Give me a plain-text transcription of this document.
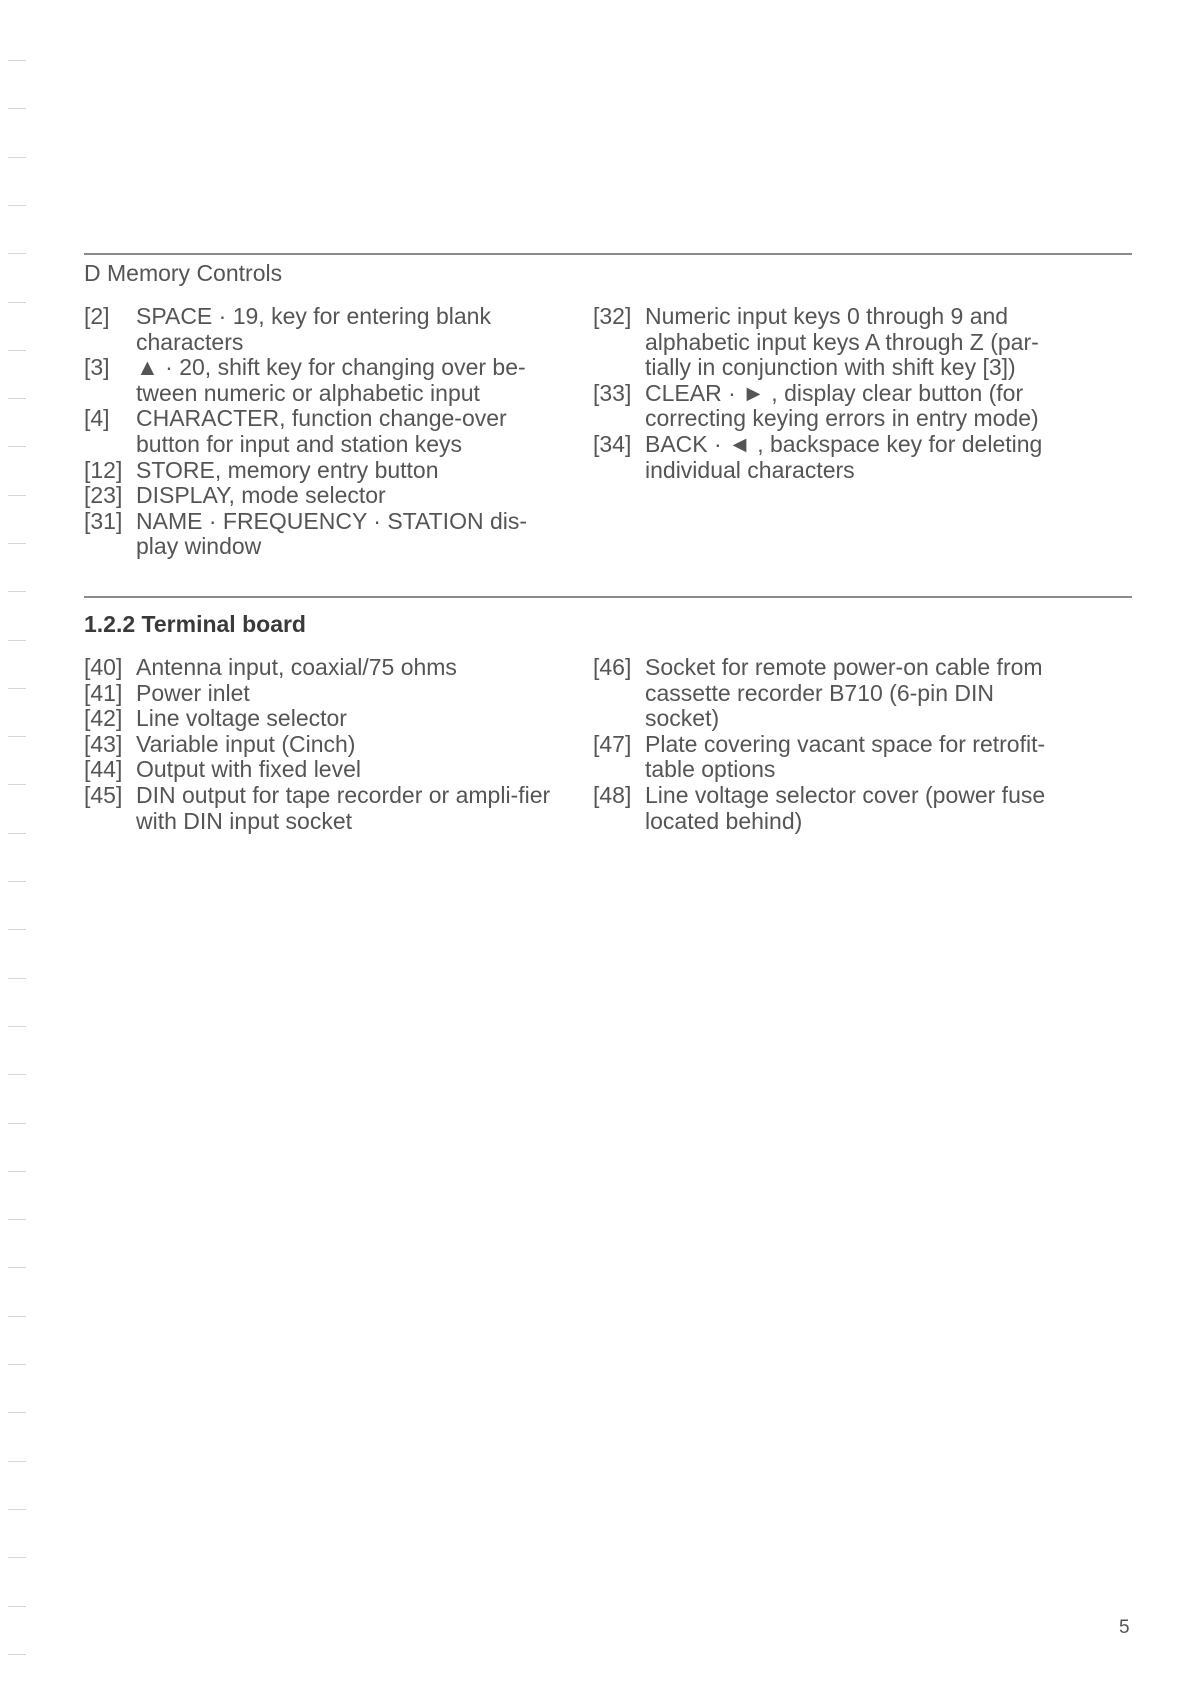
D Memory Controls
[2]	SPACE · 19, key for entering blank characters
[3]	▲ · 20, shift key for changing over be-tween numeric or alphabetic input
[4]	CHARACTER, function change-over button for input and station keys
[12] STORE, memory entry button
[23] DISPLAY, mode selector
[31] NAME · FREQUENCY · STATION dis-play window
[32] Numeric input keys 0 through 9 and alphabetic input keys A through Z (par-tially in conjunction with shift key [3])
[33] CLEAR · ► , display clear button (for correcting keying errors in entry mode)
[34] BACK · ◄ , backspace key for deleting individual characters
1.2.2 Terminal board
[40] Antenna input, coaxial/75 ohms
[41] Power inlet
[42] Line voltage selector
[43] Variable input (Cinch)
[44] Output with fixed level
[45] DIN output for tape recorder or ampli-fier with DIN input socket
[46] Socket for remote power-on cable from cassette recorder B710 (6-pin DIN socket)
[47] Plate covering vacant space for retrofit-table options
[48] Line voltage selector cover (power fuse located behind)
5
